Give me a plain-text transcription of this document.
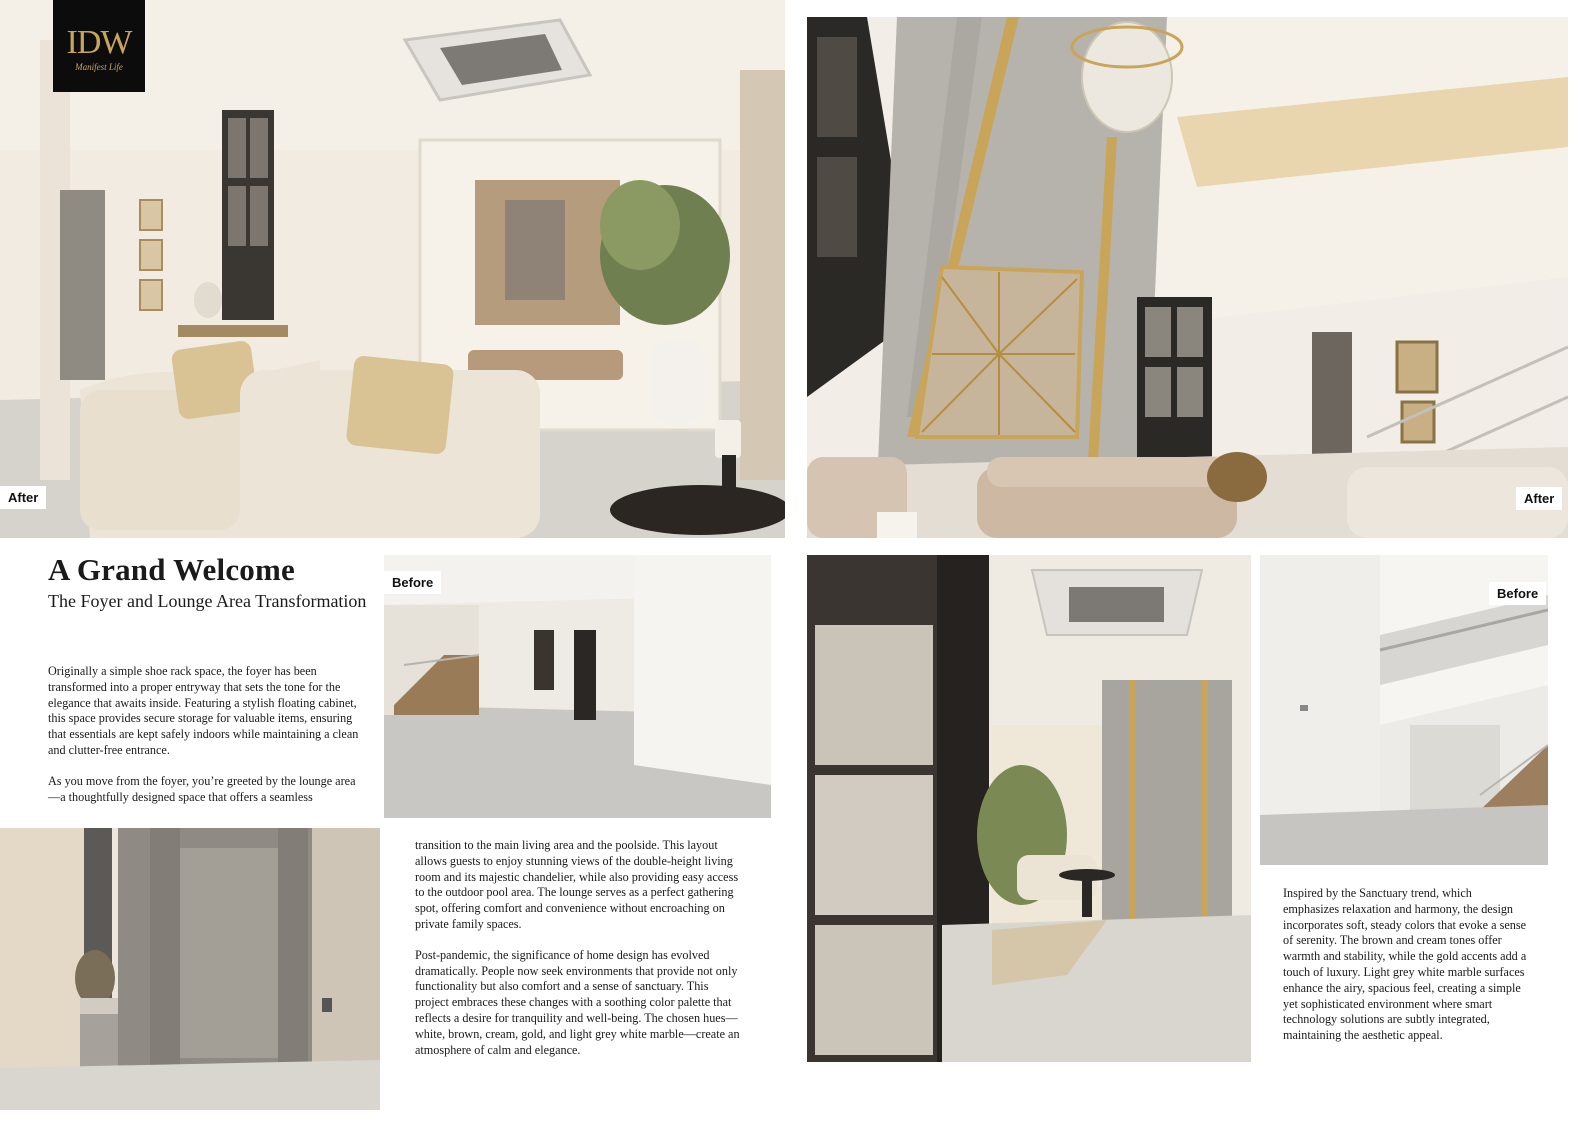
IDW
Manifest Life
After	After
A Grand Welcome
The Foyer and Lounge Area Transformation

Originally a simple shoe rack space, the foyer has been transformed into a proper entryway that sets the tone for the elegance that awaits inside. Featuring a stylish floating cabinet, this space provides secure storage for valuable items, ensuring that essentials are kept safely indoors while maintaining a clean and clutter-free entrance.

As you move from the foyer, you’re greeted by the lounge area—a thoughtfully designed space that offers a seamless

Before

transition to the main living area and the poolside. This layout allows guests to enjoy stunning views of the double-height living room and its majestic chandelier, while also providing easy access to the outdoor pool area. The lounge serves as a perfect gathering spot, offering comfort and convenience without encroaching on private family spaces.

Post-pandemic, the significance of home design has evolved dramatically. People now seek environments that provide not only functionality but also comfort and a sense of sanctuary. This project embraces these changes with a soothing color palette that reflects a desire for tranquility and well-being. The chosen hues—white, brown, cream, gold, and light grey white marble—create an atmosphere of calm and elegance.

Before

Inspired by the Sanctuary trend, which emphasizes relaxation and harmony, the design incorporates soft, steady colors that evoke a sense of serenity. The brown and cream tones offer warmth and stability, while the gold accents add a touch of luxury. Light grey white marble surfaces enhance the airy, spacious feel, creating a simple yet sophisticated environment where smart technology solutions are subtly integrated, maintaining the aesthetic appeal.
